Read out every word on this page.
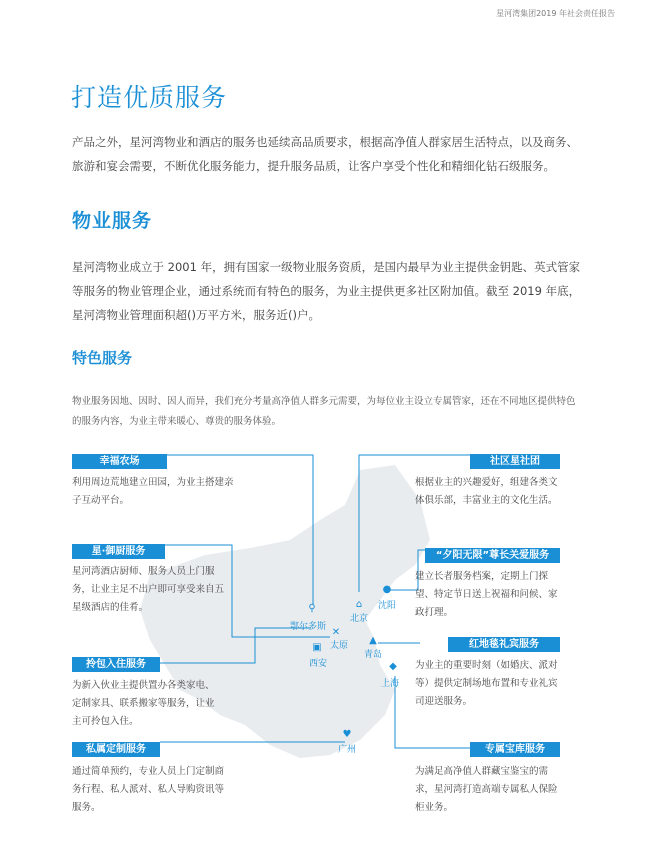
星河湾集团2019 年社会责任报告
打造优质服务
产品之外，星河湾物业和酒店的服务也延续高品质要求，根据高净值人群家居生活特点，以及商务、旅游和宴会需要，不断优化服务能力，提升服务品质，让客户享受个性化和精细化钻石级服务。
物业服务
星河湾物业成立于 2001 年，拥有国家一级物业服务资质，是国内最早为业主提供金钥匙、英式管家等服务的物业管理企业，通过系统而有特色的服务，为业主提供更多社区附加值。截至 2019 年底，星河湾物业管理面积超()万平方米，服务近()户。
特色服务
物业服务因地、因时、因人而异，我们充分考量高净值人群多元需要，为每位业主设立专属管家，还在不同地区提供特色的服务内容，为业主带来暖心、尊贵的服务体验。
⚲
鄂尔多斯
⌂
北京
●
沈阳
✕
太原 ▲
青岛
▣
西安	◆
上海
♥
广州
幸福农场
利用周边荒地建立田园，为业主搭建亲子互动平台。
星·御厨服务
星河湾酒店厨师、服务人员上门服务，让业主足不出户即可享受来自五星级酒店的佳肴。
拎包入住服务
为新入伙业主提供置办各类家电、定制家具、联系搬家等服务，让业主可拎包入住。
私属定制服务
通过简单预约，专业人员上门定制商务行程、私人派对、私人导购资讯等服务。
社区星社团
根据业主的兴趣爱好，组建各类文体俱乐部，丰富业主的文化生活。
“夕阳无限”尊长关爱服务
建立长者服务档案，定期上门探望、特定节日送上祝福和问候、家政打理。
红地毯礼宾服务
为业主的重要时刻（如婚庆、派对等）提供定制场地布置和专业礼宾司迎送服务。
专属宝库服务
为满足高净值人群藏宝鉴宝的需求，星河湾打造高端专属私人保险柜业务。
